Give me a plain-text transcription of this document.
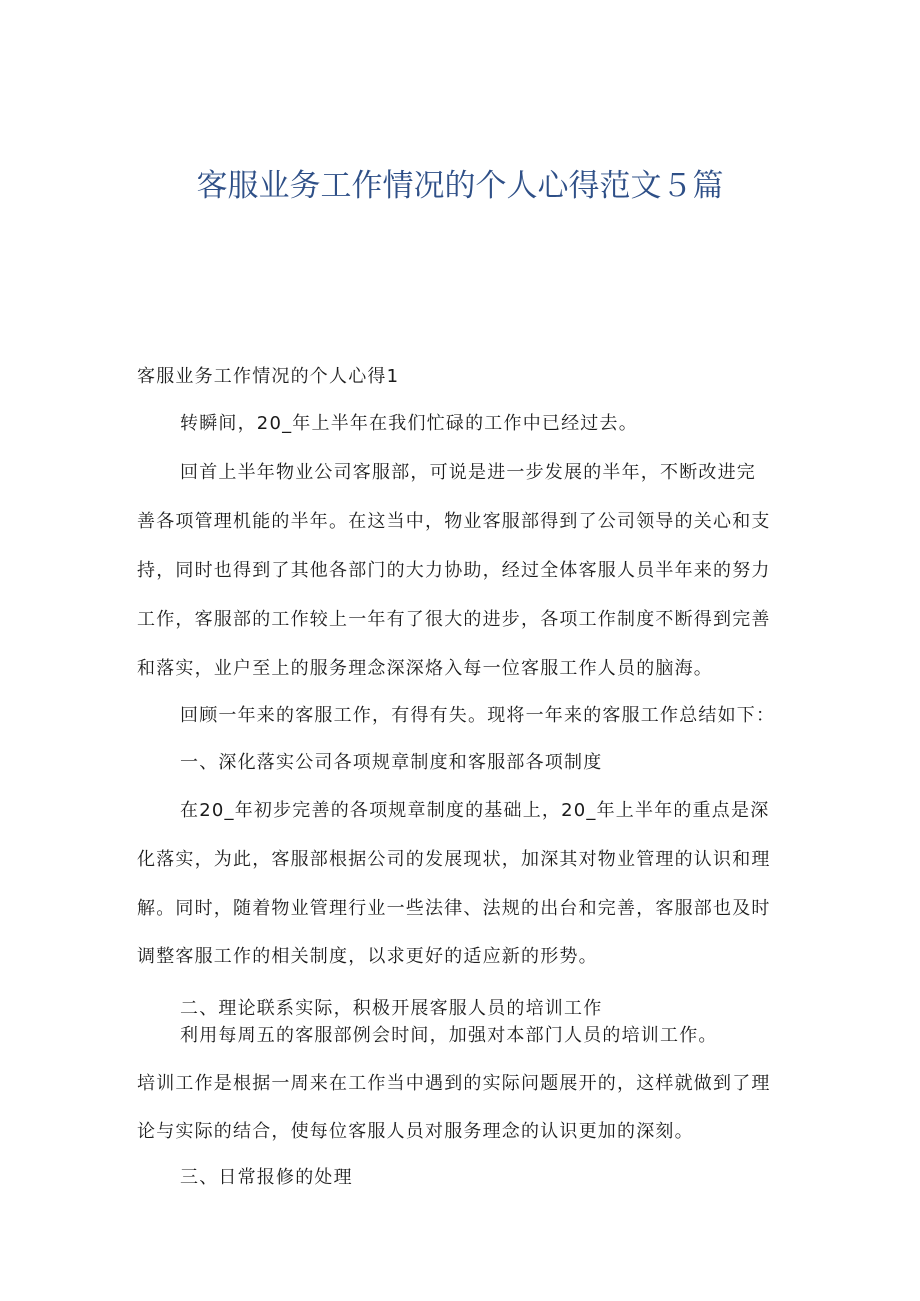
客服业务工作情况的个人心得范文５篇
客服业务工作情况的个人心得1
转瞬间，20_年上半年在我们忙碌的工作中已经过去。
回首上半年物业公司客服部，可说是进一步发展的半年，不断改进完
善各项管理机能的半年。在这当中，物业客服部得到了公司领导的关心和支
持，同时也得到了其他各部门的大力协助，经过全体客服人员半年来的努力
工作，客服部的工作较上一年有了很大的进步，各项工作制度不断得到完善
和落实，业户至上的服务理念深深烙入每一位客服工作人员的脑海。
回顾一年来的客服工作，有得有失。现将一年来的客服工作总结如下：
一、深化落实公司各项规章制度和客服部各项制度
在20_年初步完善的各项规章制度的基础上，20_年上半年的重点是深
化落实，为此，客服部根据公司的发展现状，加深其对物业管理的认识和理
解。同时，随着物业管理行业一些法律、法规的出台和完善，客服部也及时
调整客服工作的相关制度，以求更好的适应新的形势。
二、理论联系实际，积极开展客服人员的培训工作
利用每周五的客服部例会时间，加强对本部门人员的培训工作。
培训工作是根据一周来在工作当中遇到的实际问题展开的，这样就做到了理
论与实际的结合，使每位客服人员对服务理念的认识更加的深刻。
三、日常报修的处理
